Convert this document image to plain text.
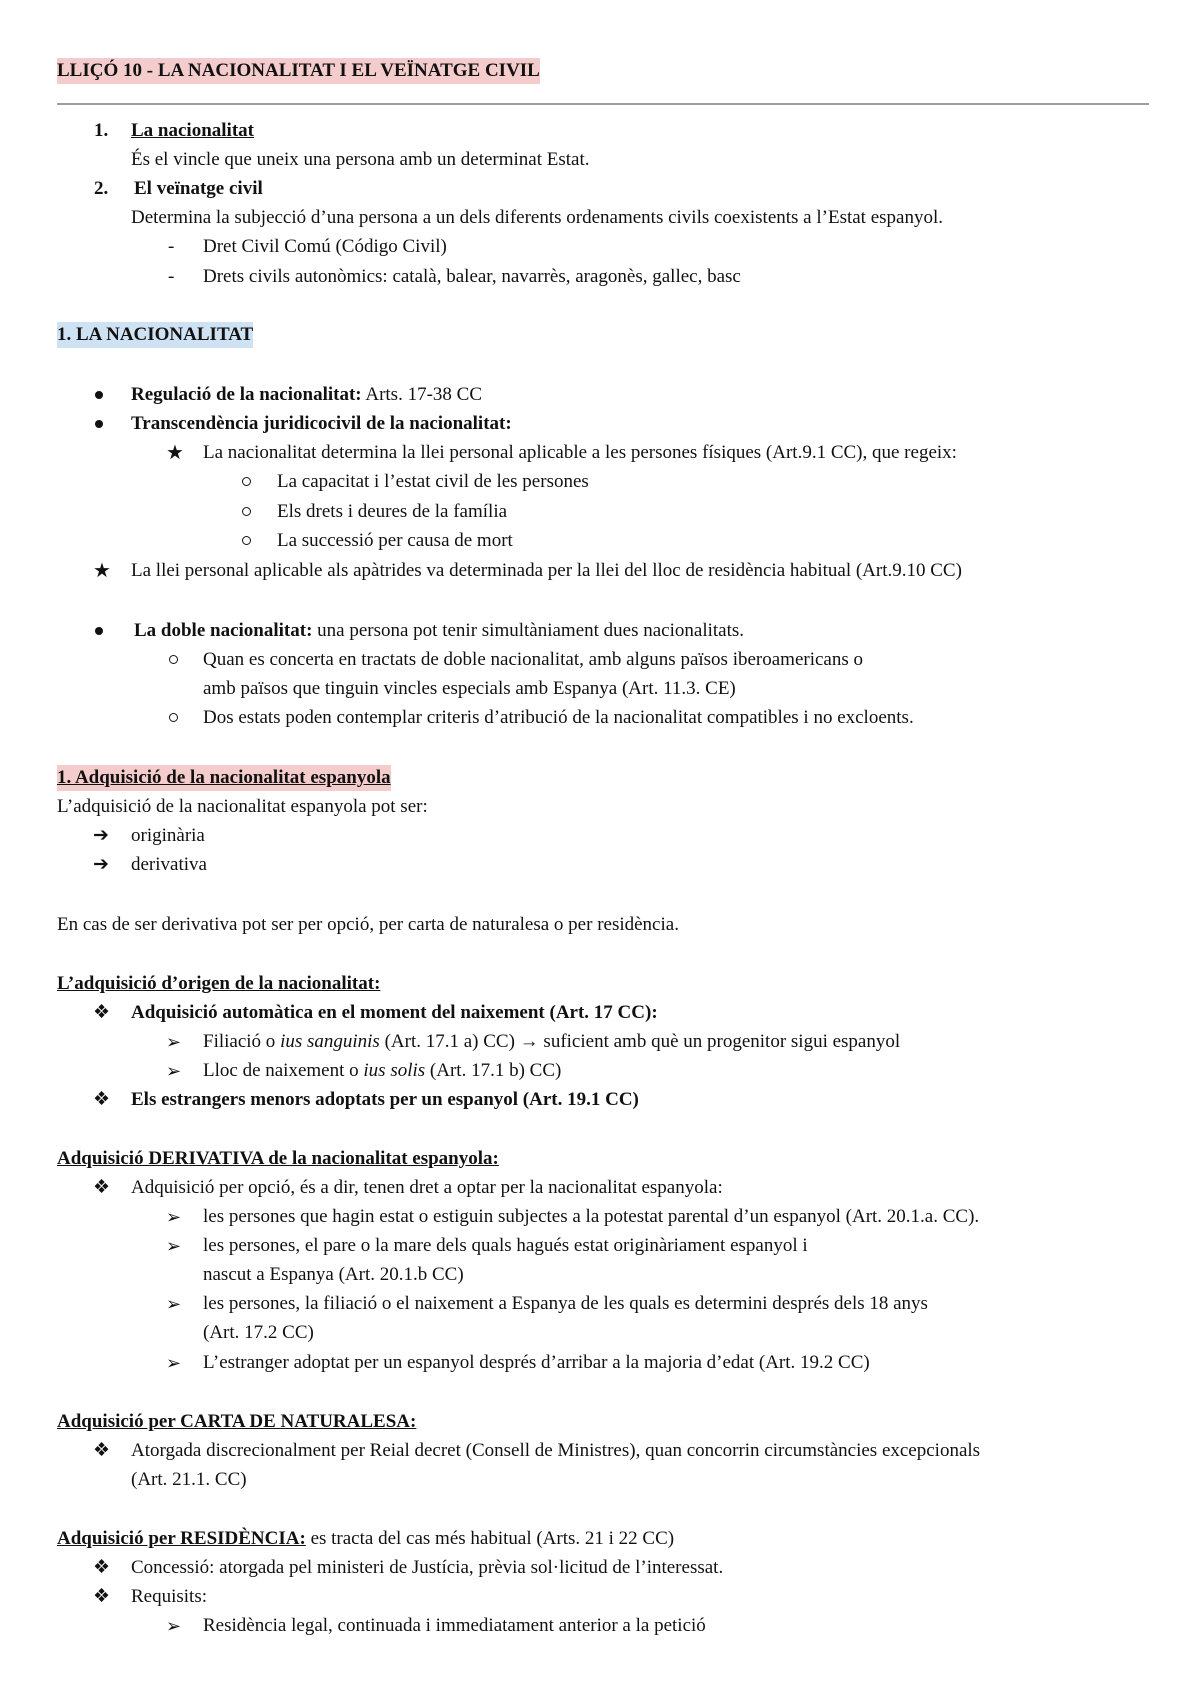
LLIÇÓ 10 - LA NACIONALITAT I EL VEÏNATGE CIVIL
1. La nacionalitat
És el vincle que uneix una persona amb un determinat Estat.
2. El veïnatge civil
Determina la subjecció d’una persona a un dels diferents ordenaments civils coexistents a l’Estat espanyol.
- Dret Civil Comú (Código Civil)
- Drets civils autonòmics: català, balear, navarrès, aragonès, gallec, basc
1. LA NACIONALITAT
Regulació de la nacionalitat: Arts. 17-38 CC
Transcendència juridicocivil de la nacionalitat:
★ La nacionalitat determina la llei personal aplicable a les persones físiques (Art.9.1 CC), que regeix:
La capacitat i l’estat civil de les persones
Els drets i deures de la família
La successió per causa de mort
★ La llei personal aplicable als apàtrides va determinada per la llei del lloc de residència habitual (Art.9.10 CC)
La doble nacionalitat: una persona pot tenir simultàniament dues nacionalitats.
Quan es concerta en tractats de doble nacionalitat, amb alguns països iberoamericans o
amb països que tinguin vincles especials amb Espanya (Art. 11.3. CE)
Dos estats poden contemplar criteris d’atribució de la nacionalitat compatibles i no excloents.
1. Adquisició de la nacionalitat espanyola
L’adquisició de la nacionalitat espanyola pot ser:
➔ originària
➔ derivativa
En cas de ser derivativa pot ser per opció, per carta de naturalesa o per residència.
L’adquisició d’origen de la nacionalitat:
❖ Adquisició automàtica en el moment del naixement (Art. 17 CC):
➢ Filiació o ius sanguinis (Art. 17.1 a) CC) → suficient amb què un progenitor sigui espanyol
➢ Lloc de naixement o ius solis (Art. 17.1 b) CC)
❖ Els estrangers menors adoptats per un espanyol (Art. 19.1 CC)
Adquisició DERIVATIVA de la nacionalitat espanyola:
❖ Adquisició per opció, és a dir, tenen dret a optar per la nacionalitat espanyola:
➢ les persones que hagin estat o estiguin subjectes a la potestat parental d’un espanyol (Art. 20.1.a. CC).
➢ les persones, el pare o la mare dels quals hagués estat originàriament espanyol i
nascut a Espanya (Art. 20.1.b CC)
➢ les persones, la filiació o el naixement a Espanya de les quals es determini després dels 18 anys
(Art. 17.2 CC)
➢ L’estranger adoptat per un espanyol després d’arribar a la majoria d’edat (Art. 19.2 CC)
Adquisició per CARTA DE NATURALESA:
❖ Atorgada discrecionalment per Reial decret (Consell de Ministres), quan concorrin circumstàncies excepcionals
(Art. 21.1. CC)
Adquisició per RESIDÈNCIA: es tracta del cas més habitual (Arts. 21 i 22 CC)
❖ Concessió: atorgada pel ministeri de Justícia, prèvia sol·licitud de l’interessat.
❖ Requisits:
➢ Residència legal, continuada i immediatament anterior a la petició
